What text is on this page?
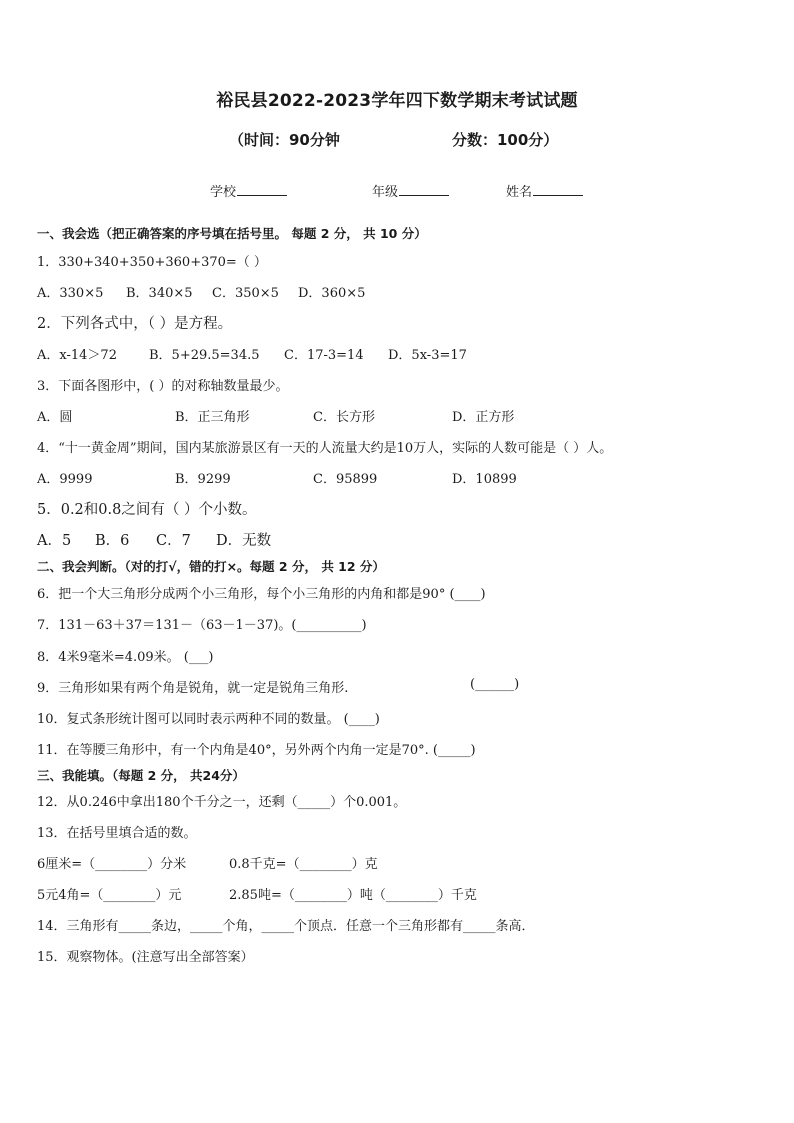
裕民县2022-2023学年四下数学期末考试试题
（时间：90分钟	分数：100分）
学校	年级	姓名
一、我会选（把正确答案的序号填在括号里。 每题 2 分， 共 10 分）
1．330+340+350+360+370=（ ）
A．330×5 B．340×5 C．350×5 D．360×5
2．下列各式中，（ ）是方程。
A．x-14＞72 B．5+29.5=34.5 C．17-3=14 D．5x-3=17
3．下面各图形中，( ）的对称轴数量最少。
A．圆	B．正三角形	C．长方形	D．正方形
4．“十一黄金周”期间，国内某旅游景区有一天的人流量大约是10万人，实际的人数可能是（ ）人。
A．9999	B．9299	C．95899	D．10899
5．0.2和0.8之间有（ ）个小数。
A．5 B．6 C．7 D．无数
二、我会判断。（对的打√，错的打×。每题 2 分， 共 12 分）
6．把一个大三角形分成两个小三角形，每个小三角形的内角和都是90° (____)
7．131－63＋37＝131－（63－1－37)。(__________)
8．4米9毫米=4.09米。 (___)
9．三角形如果有两个角是锐角，就一定是锐角三角形.	(______)
10．复式条形统计图可以同时表示两种不同的数量。 (____)
11．在等腰三角形中，有一个内角是40°，另外两个内角一定是70°. (_____)
三、我能填。（每题 2 分， 共24分）
12．从0.246中拿出180个千分之一，还剩（_____）个0.001。
13．在括号里填合适的数。
6厘米=（________）分米	0.8千克=（________）克
5元4角=（________）元	2.85吨=（________）吨（________）千克
14．三角形有_____条边，_____个角，_____个顶点．任意一个三角形都有_____条高．
15．观察物体。(注意写出全部答案）
